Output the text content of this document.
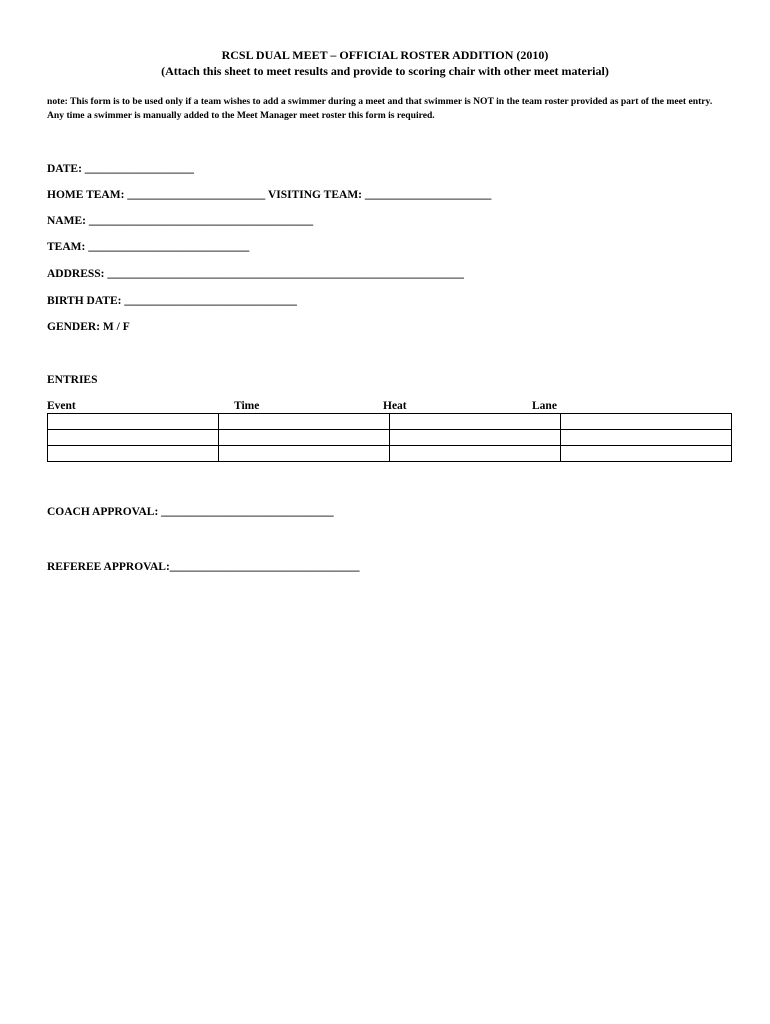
RCSL DUAL MEET – OFFICIAL ROSTER ADDITION (2010)
(Attach this sheet to meet results and provide to scoring chair with other meet material)
note: This form is to be used only if a team wishes to add a swimmer during a meet and that swimmer is NOT in the team roster provided as part of the meet entry. Any time a swimmer is manually added to the Meet Manager meet roster this form is required.
DATE: ___________________
HOME TEAM: ________________________ VISITING TEAM: ______________________
NAME: _______________________________________
TEAM: ____________________________
ADDRESS: ______________________________________________________________
BIRTH DATE: ______________________________
GENDER: M / F
ENTRIES
Event	Time	Heat	Lane

COACH APPROVAL: ______________________________
REFEREE APPROVAL:_________________________________
